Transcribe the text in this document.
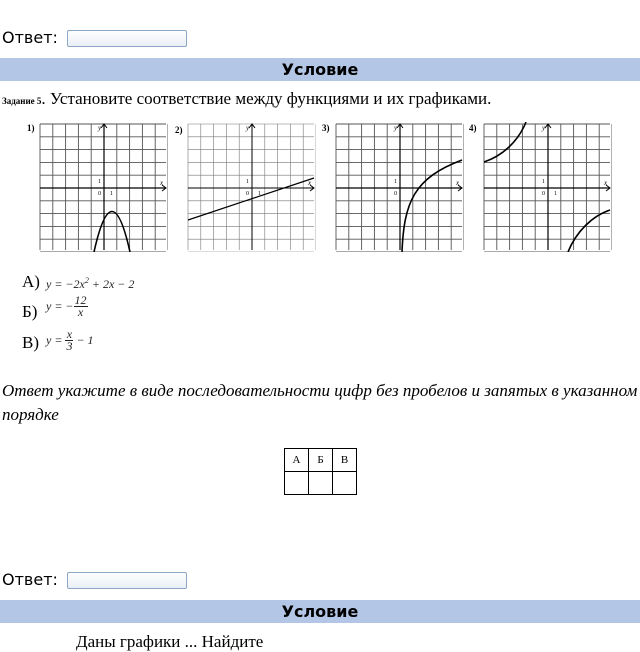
Ответ:
Условие
Задание 5. Установите соответствие между функциями и их графиками.
1)	2)	3)	4)
y
x
1
0 1
y
x
1
0 1
y
x
1
0
y
x
1
0 1
А) $y = -2x^2 + 2x - 2$
Б) y = − $\frac{12}{x}$
В) $y = \frac{x}{3} - 1$
Ответ укажите в виде последовательности цифр без пробелов и запятых в указанном порядке
А	Б	В

Ответ:
Условие
Даны графики ... Найдите
